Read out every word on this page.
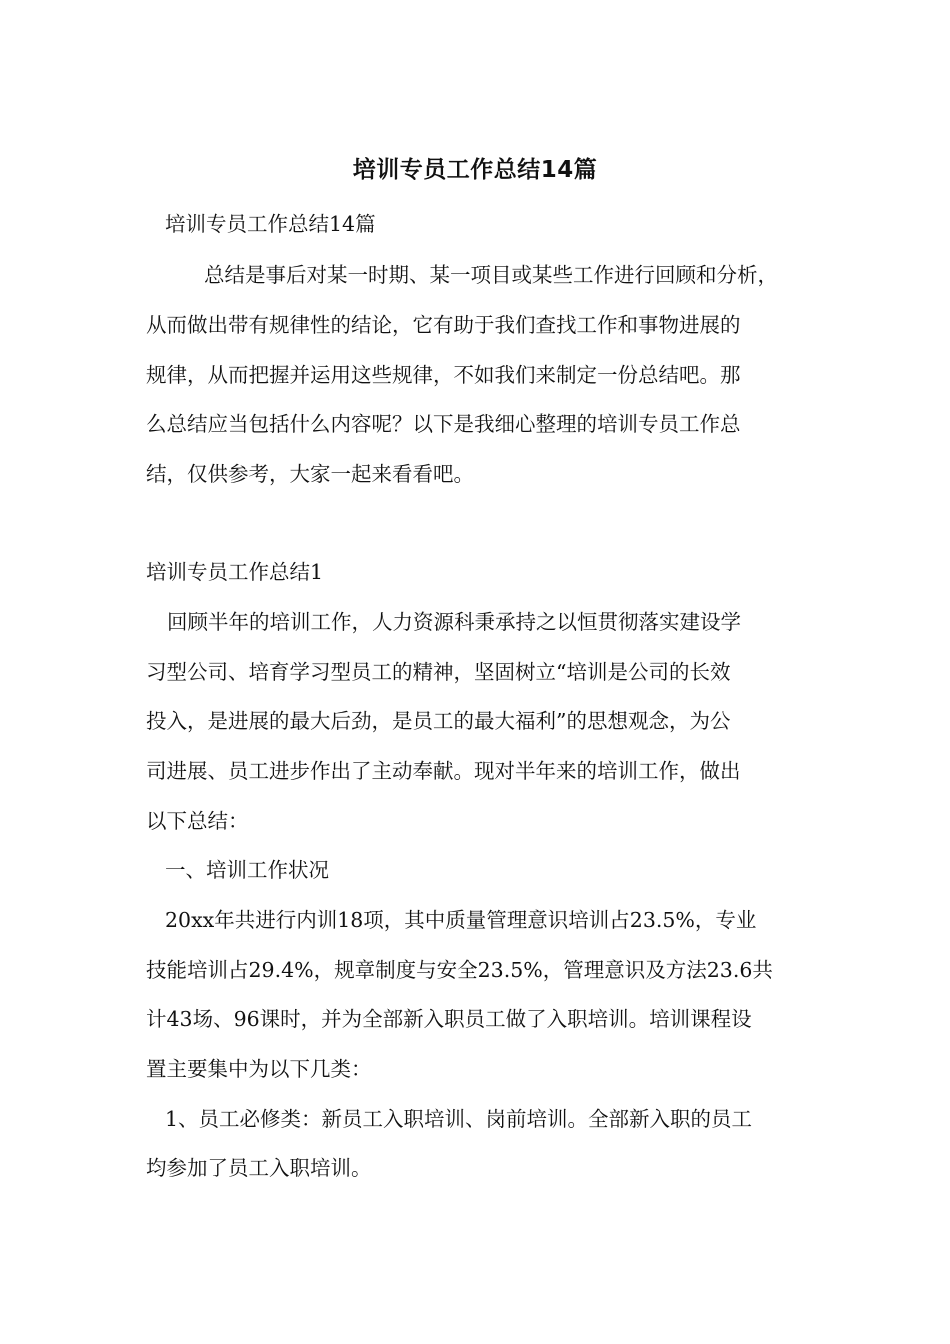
培训专员工作总结14篇
培训专员工作总结14篇
总结是事后对某一时期、某一项目或某些工作进行回顾和分析，
从而做出带有规律性的结论，它有助于我们查找工作和事物进展的
规律，从而把握并运用这些规律，不如我们来制定一份总结吧。那
么总结应当包括什么内容呢？以下是我细心整理的培训专员工作总
结，仅供参考，大家一起来看看吧。
培训专员工作总结1
回顾半年的培训工作，人力资源科秉承持之以恒贯彻落实建设学
习型公司、培育学习型员工的精神，坚固树立“培训是公司的长效
投入，是进展的最大后劲，是员工的最大福利”的思想观念，为公
司进展、员工进步作出了主动奉献。现对半年来的培训工作，做出
以下总结：
一、培训工作状况
20xx年共进行内训18项，其中质量管理意识培训占23.5%，专业
技能培训占29.4%，规章制度与安全23.5%，管理意识及方法23.6共
计43场、96课时，并为全部新入职员工做了入职培训。培训课程设
置主要集中为以下几类：
1、员工必修类：新员工入职培训、岗前培训。全部新入职的员工
均参加了员工入职培训。
